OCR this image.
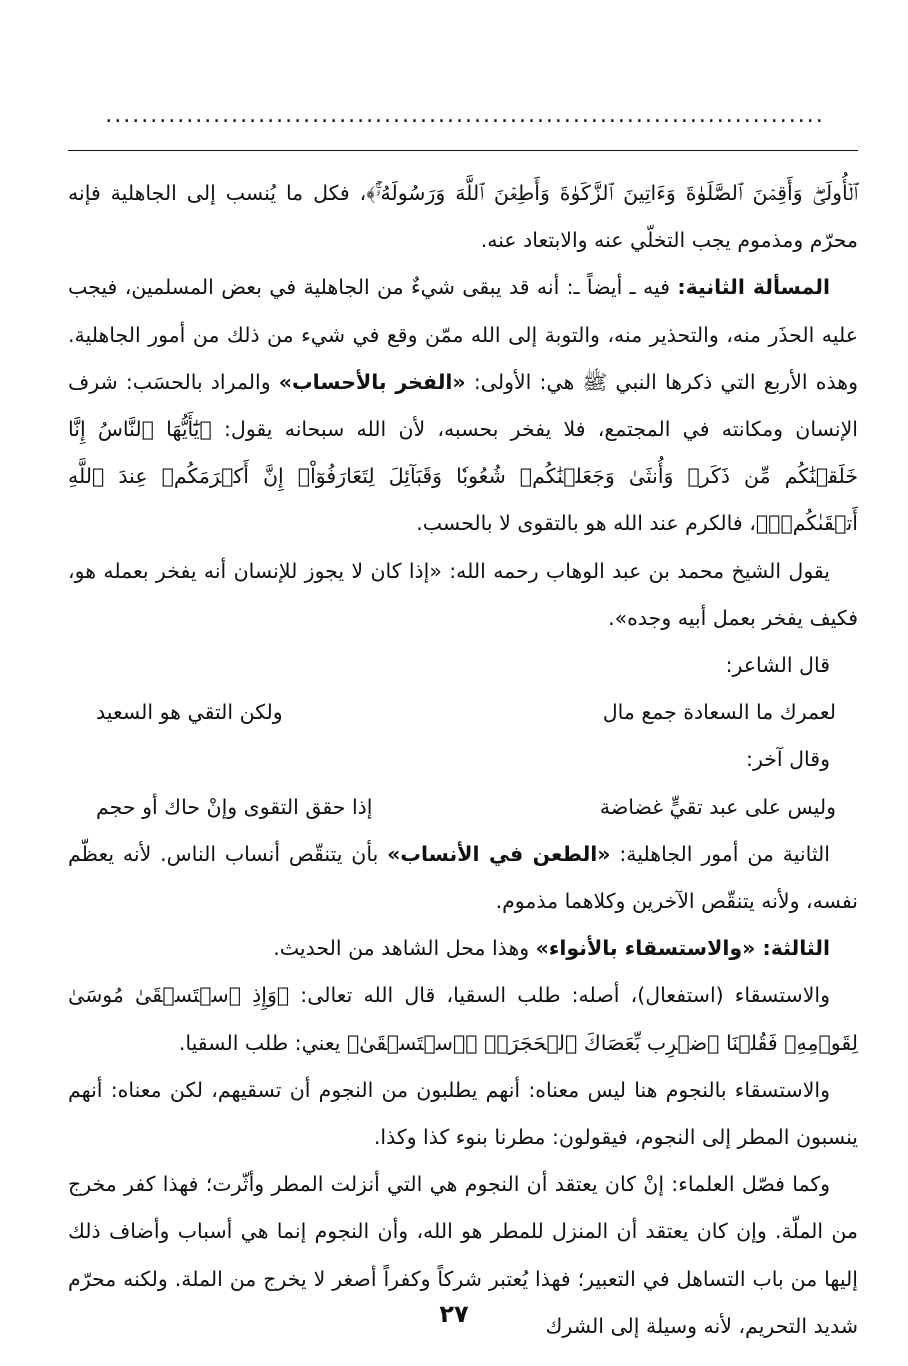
................................................................................

ٱلۡأُولَىٰۖ وَأَقِمۡنَ ٱلصَّلَوٰةَ وَءَاتِينَ ٱلزَّكَوٰةَ وَأَطِعۡنَ ٱللَّهَ وَرَسُولَهُۥٓۚ﴾، فكل ما يُنسب إلى الجاهلية فإنه محرّم ومذموم يجب التخلّي عنه والابتعاد عنه.

المسألة الثانية: فيه ـ أيضاً ـ: أنه قد يبقى شيءٌ من الجاهلية في بعض المسلمين، فيجب عليه الحذَر منه، والتحذير منه، والتوبة إلى الله ممّن وقع في شيء من ذلك من أمور الجاهلية. وهذه الأربع التي ذكرها النبي ﷺ هي: الأولى: «الفخر بالأحساب» والمراد بالحسَب: شرف الإنسان ومكانته في المجتمع، فلا يفخر بحسبه، لأن الله سبحانه يقول: ﴿يَٰٓأَيُّهَا ٱلنَّاسُ إِنَّا خَلَقۡنَٰكُم مِّن ذَكَرٖ وَأُنثَىٰ وَجَعَلۡنَٰكُمۡ شُعُوبٗا وَقَبَآئِلَ لِتَعَارَفُوٓاْۚ إِنَّ أَكۡرَمَكُمۡ عِندَ ٱللَّهِ أَتۡقَىٰكُمۡۚ﴾، فالكرم عند الله هو بالتقوى لا بالحسب.

يقول الشيخ محمد بن عبد الوهاب رحمه الله: «إذا كان لا يجوز للإنسان أنه يفخر بعمله هو، فكيف يفخر بعمل أبيه وجده».

قال الشاعر:

لعمرك ما السعادة جمع مال
ولكن التقي هو السعيد

وقال آخر:

وليس على عبد تقيٍّ غضاضة
إذا حقق التقوى وإنْ حاك أو حجم

الثانية من أمور الجاهلية: «الطعن في الأنساب» بأن يتنقّص أنساب الناس. لأنه يعظّم نفسه، ولأنه يتنقّص الآخرين وكلاهما مذموم.

الثالثة: «والاستسقاء بالأنواء» وهذا محل الشاهد من الحديث.

والاستسقاء (استفعال)، أصله: طلب السقيا، قال الله تعالى: ﴿وَإِذِ ٱسۡتَسۡقَىٰ مُوسَىٰ لِقَوۡمِهِۦ فَقُلۡنَا ٱضۡرِب بِّعَصَاكَ ٱلۡحَجَرَۖ﴾ ﴿ٱسۡتَسۡقَىٰ﴾ يعني: طلب السقيا.

والاستسقاء بالنجوم هنا ليس معناه: أنهم يطلبون من النجوم أن تسقيهم، لكن معناه: أنهم ينسبون المطر إلى النجوم، فيقولون: مطرنا بنوء كذا وكذا.

وكما فصّل العلماء: إنْ كان يعتقد أن النجوم هي التي أنزلت المطر وأثّرت؛ فهذا كفر مخرج من الملّة. وإن كان يعتقد أن المنزل للمطر هو الله، وأن النجوم إنما هي أسباب وأضاف ذلك إليها من باب التساهل في التعبير؛ فهذا يُعتبر شركاً وكفراً أصغر لا يخرج من الملة. ولكنه محرّم شديد التحريم، لأنه وسيلة إلى الشرك

٢٧
